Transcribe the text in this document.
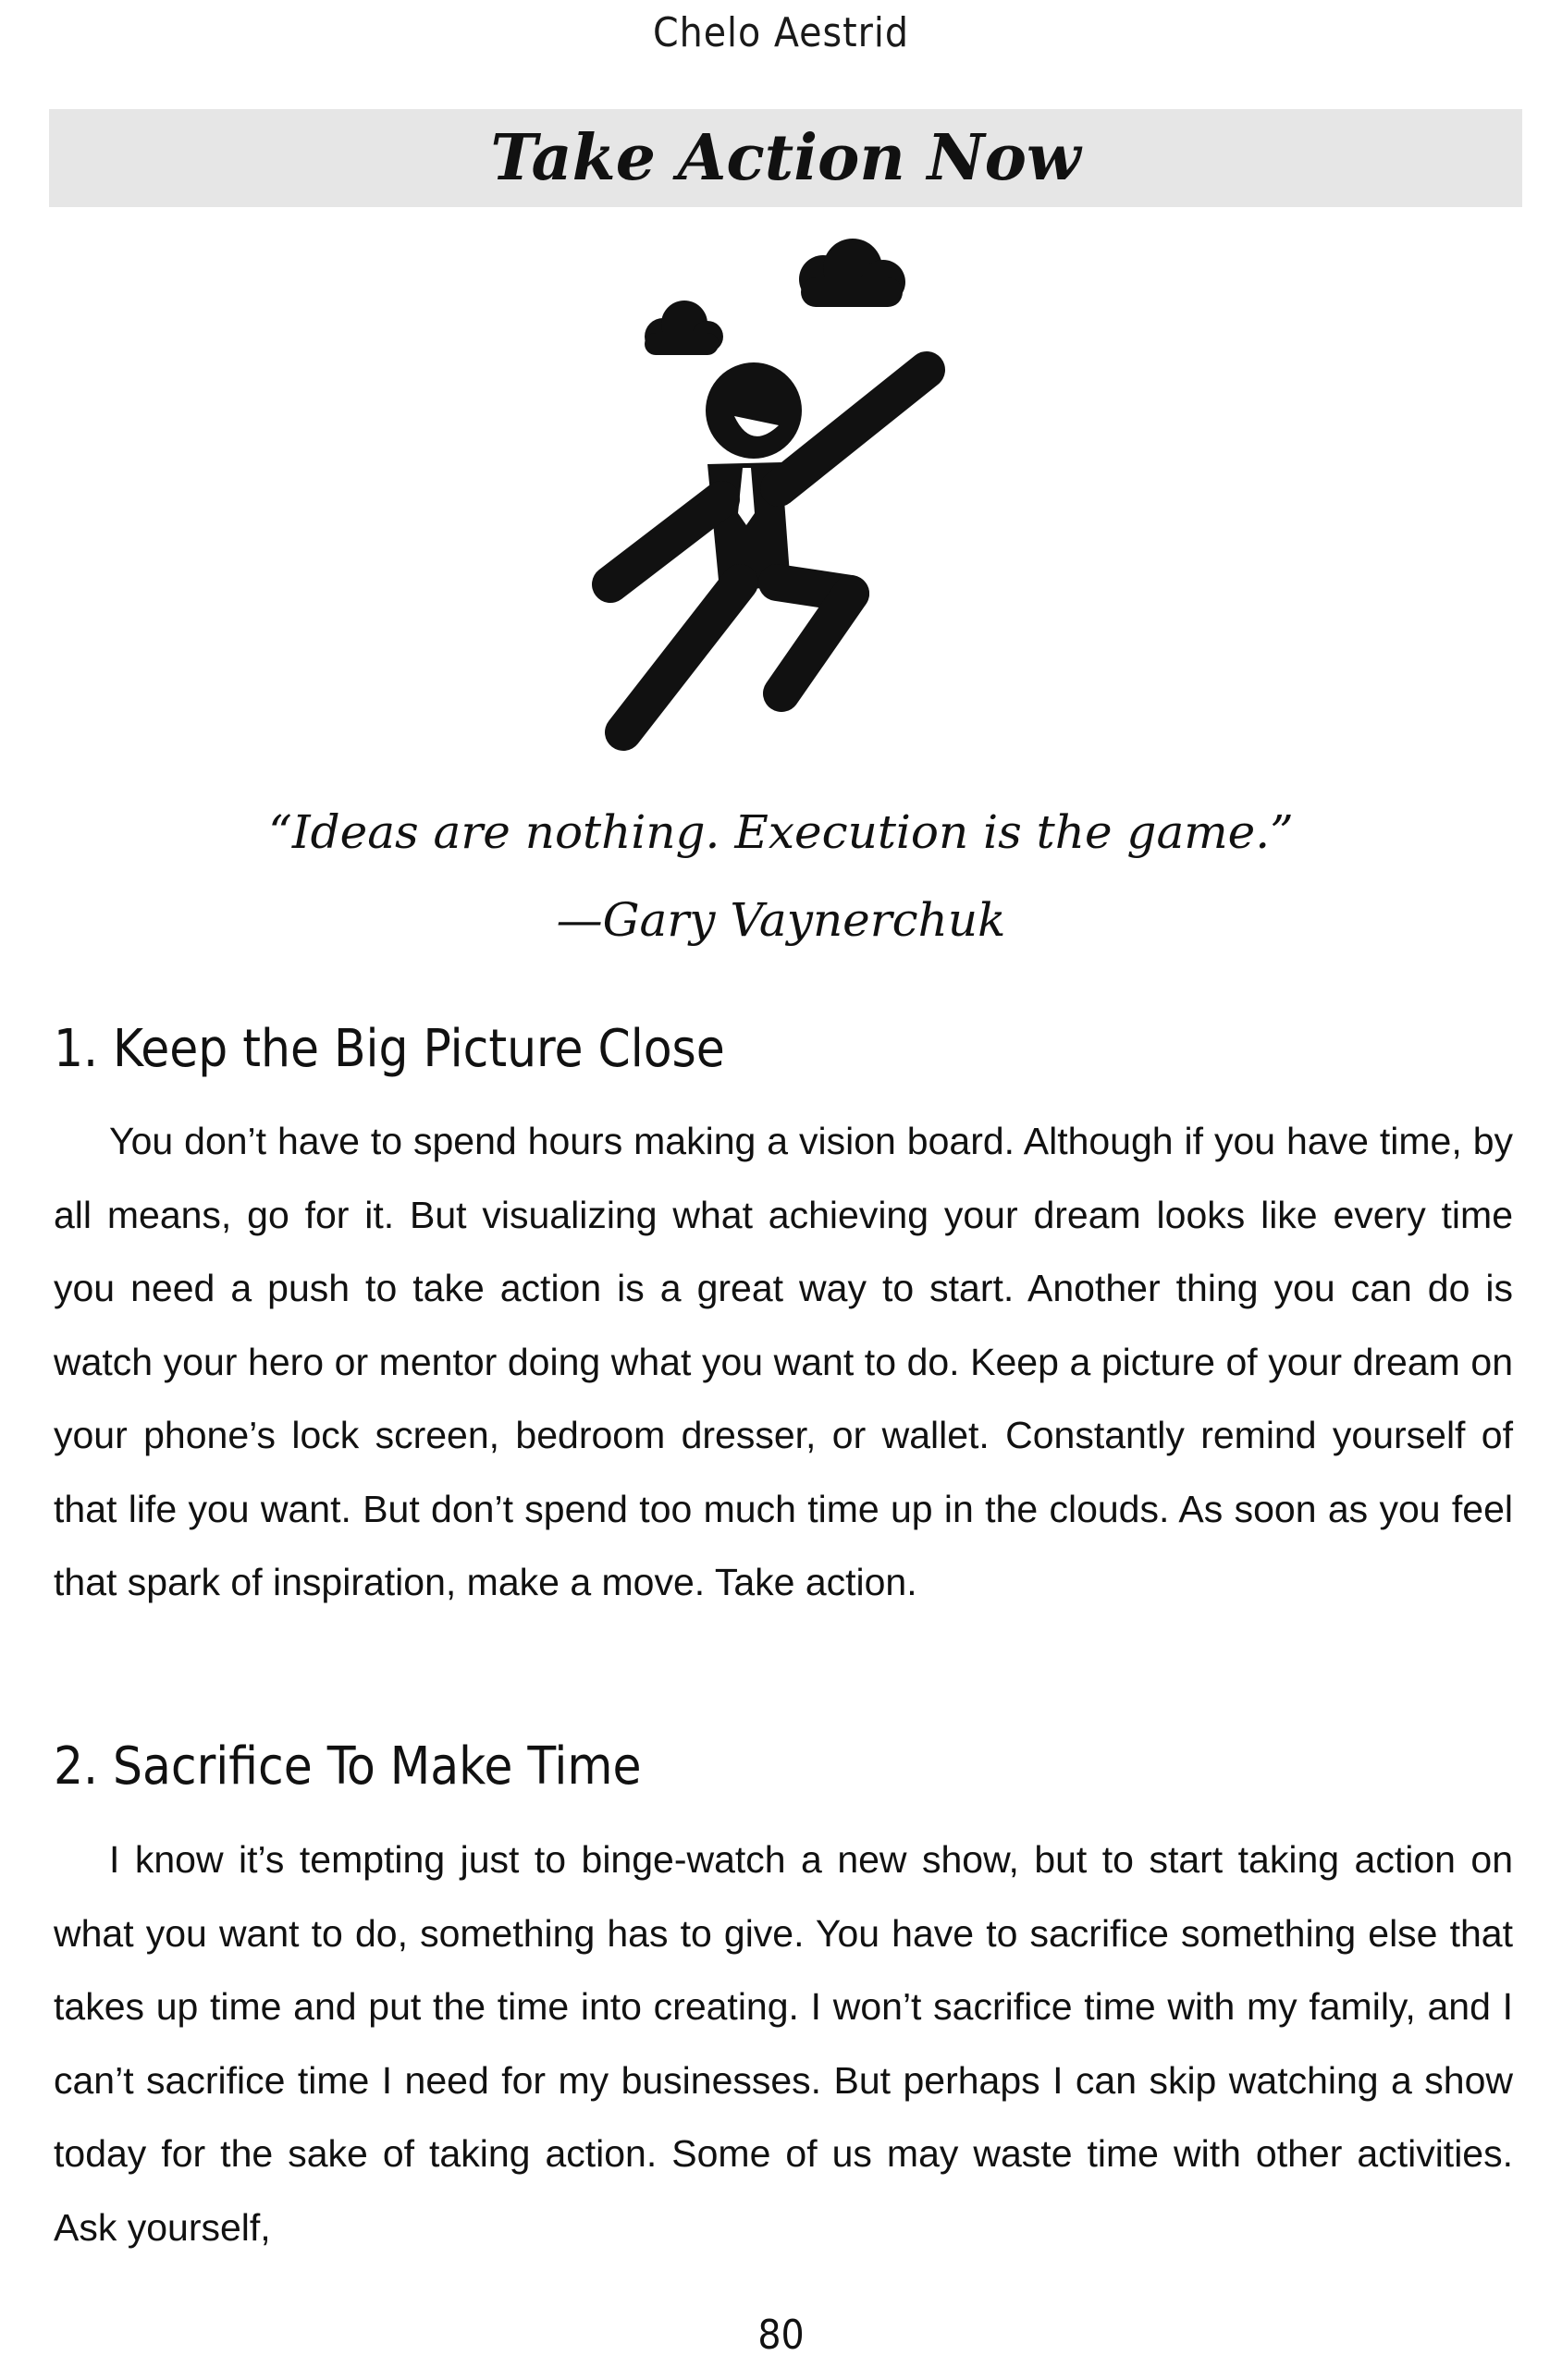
Chelo Aestrid
Take Action Now
“Ideas are nothing. Execution is the game.”
—Gary Vaynerchuk
1. Keep the Big Picture Close

You don’t have to spend hours making a vision board. Although if you have time, by all means, go for it. But visualizing what achieving your dream looks like every time you need a push to take action is a great way to start. Another thing you can do is watch your hero or mentor doing what you want to do. Keep a picture of your dream on your phone’s lock screen, bedroom dresser, or wallet. Constantly remind yourself of that life you want. But don’t spend too much time up in the clouds. As soon as you feel that spark of inspiration, make a move. Take action.

2. Sacrifice To Make Time

I know it’s tempting just to binge-watch a new show, but to start taking action on what you want to do, something has to give. You have to sacrifice something else that takes up time and put the time into creating. I won’t sacrifice time with my family, and I can’t sacrifice time I need for my businesses. But perhaps I can skip watching a show today for the sake of taking action. Some of us may waste time with other activities. Ask yourself,

80
